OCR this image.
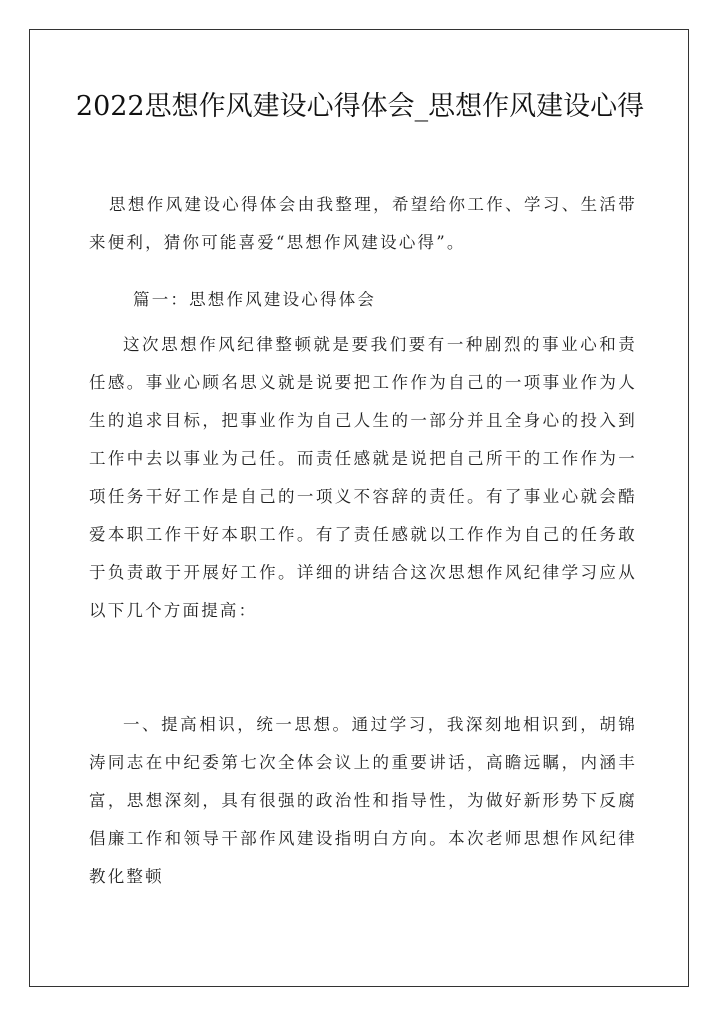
2022思想作风建设心得体会_思想作风建设心得

思想作风建设心得体会由我整理，希望给你工作、学习、生活带来便利，猜你可能喜爱“思想作风建设心得”。

篇一：思想作风建设心得体会

这次思想作风纪律整顿就是要我们要有一种剧烈的事业心和责任感。事业心顾名思义就是说要把工作作为自己的一项事业作为人生的追求目标，把事业作为自己人生的一部分并且全身心的投入到工作中去以事业为己任。而责任感就是说把自己所干的工作作为一项任务干好工作是自己的一项义不容辞的责任。有了事业心就会酷爱本职工作干好本职工作。有了责任感就以工作作为自己的任务敢于负责敢于开展好工作。详细的讲结合这次思想作风纪律学习应从以下几个方面提高：

一、提高相识，统一思想。通过学习，我深刻地相识到，胡锦涛同志在中纪委第七次全体会议上的重要讲话，高瞻远瞩，内涵丰富，思想深刻，具有很强的政治性和指导性，为做好新形势下反腐倡廉工作和领导干部作风建设指明白方向。本次老师思想作风纪律教化整顿
